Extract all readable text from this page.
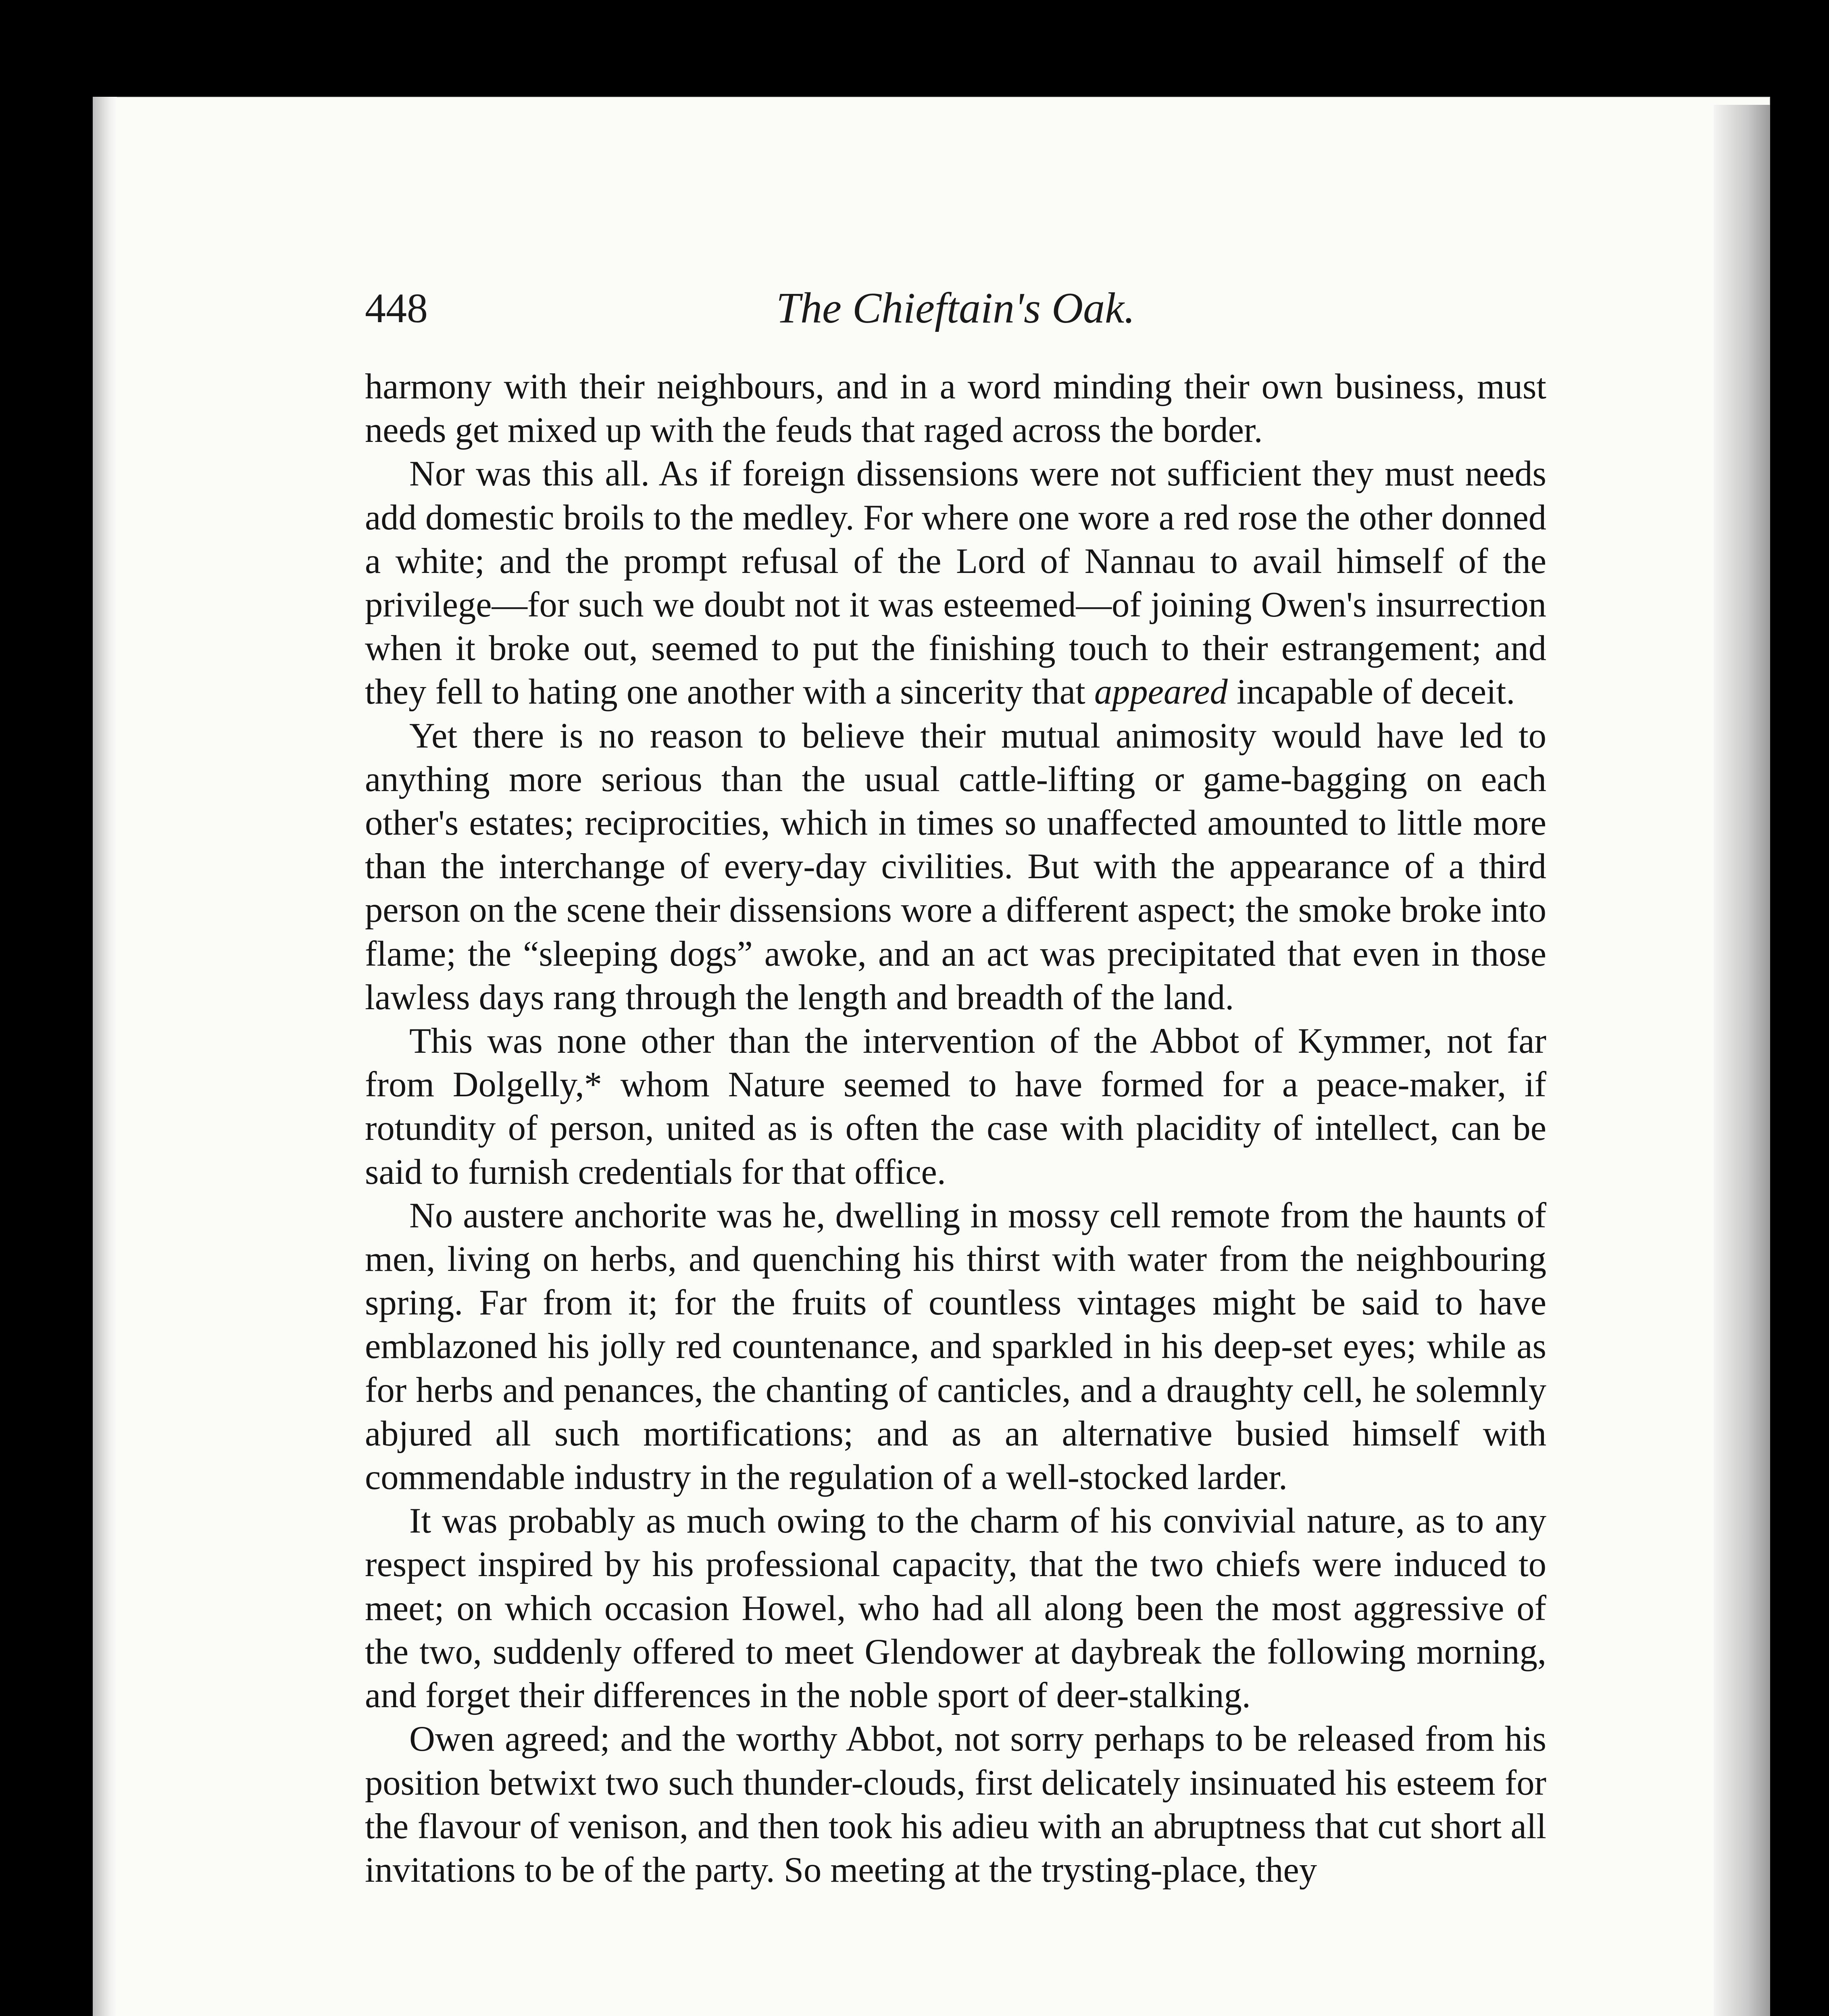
448	The Chieftain's Oak.

harmony with their neighbours, and in a word minding their own business, must needs get mixed up with the feuds that raged across the border.

Nor was this all. As if foreign dissensions were not sufficient they must needs add domestic broils to the medley. For where one wore a red rose the other donned a white; and the prompt refusal of the Lord of Nannau to avail himself of the privilege—for such we doubt not it was esteemed—of joining Owen's insurrection when it broke out, seemed to put the finishing touch to their estrangement; and they fell to hating one another with a sincerity that appeared incapable of deceit.

Yet there is no reason to believe their mutual animosity would have led to anything more serious than the usual cattle-lifting or game-bagging on each other's estates; reciprocities, which in times so unaffected amounted to little more than the interchange of every-day civilities. But with the appearance of a third person on the scene their dissensions wore a different aspect; the smoke broke into flame; the “sleeping dogs” awoke, and an act was precipitated that even in those lawless days rang through the length and breadth of the land.

This was none other than the intervention of the Abbot of Kymmer, not far from Dolgelly,* whom Nature seemed to have formed for a peace-maker, if rotundity of person, united as is often the case with placidity of intellect, can be said to furnish credentials for that office.

No austere anchorite was he, dwelling in mossy cell remote from the haunts of men, living on herbs, and quenching his thirst with water from the neighbouring spring. Far from it; for the fruits of countless vintages might be said to have emblazoned his jolly red countenance, and sparkled in his deep-set eyes; while as for herbs and penances, the chanting of canticles, and a draughty cell, he solemnly abjured all such mortifications; and as an alternative busied himself with commendable industry in the regulation of a well-stocked larder.

It was probably as much owing to the charm of his convivial nature, as to any respect inspired by his professional capacity, that the two chiefs were induced to meet; on which occasion Howel, who had all along been the most aggressive of the two, suddenly offered to meet Glendower at daybreak the following morning, and forget their differences in the noble sport of deer-stalking.

Owen agreed; and the worthy Abbot, not sorry perhaps to be released from his position betwixt two such thunder-clouds, first delicately insinuated his esteem for the flavour of venison, and then took his adieu with an abruptness that cut short all invitations to be of the party. So meeting at the trysting-place, they
